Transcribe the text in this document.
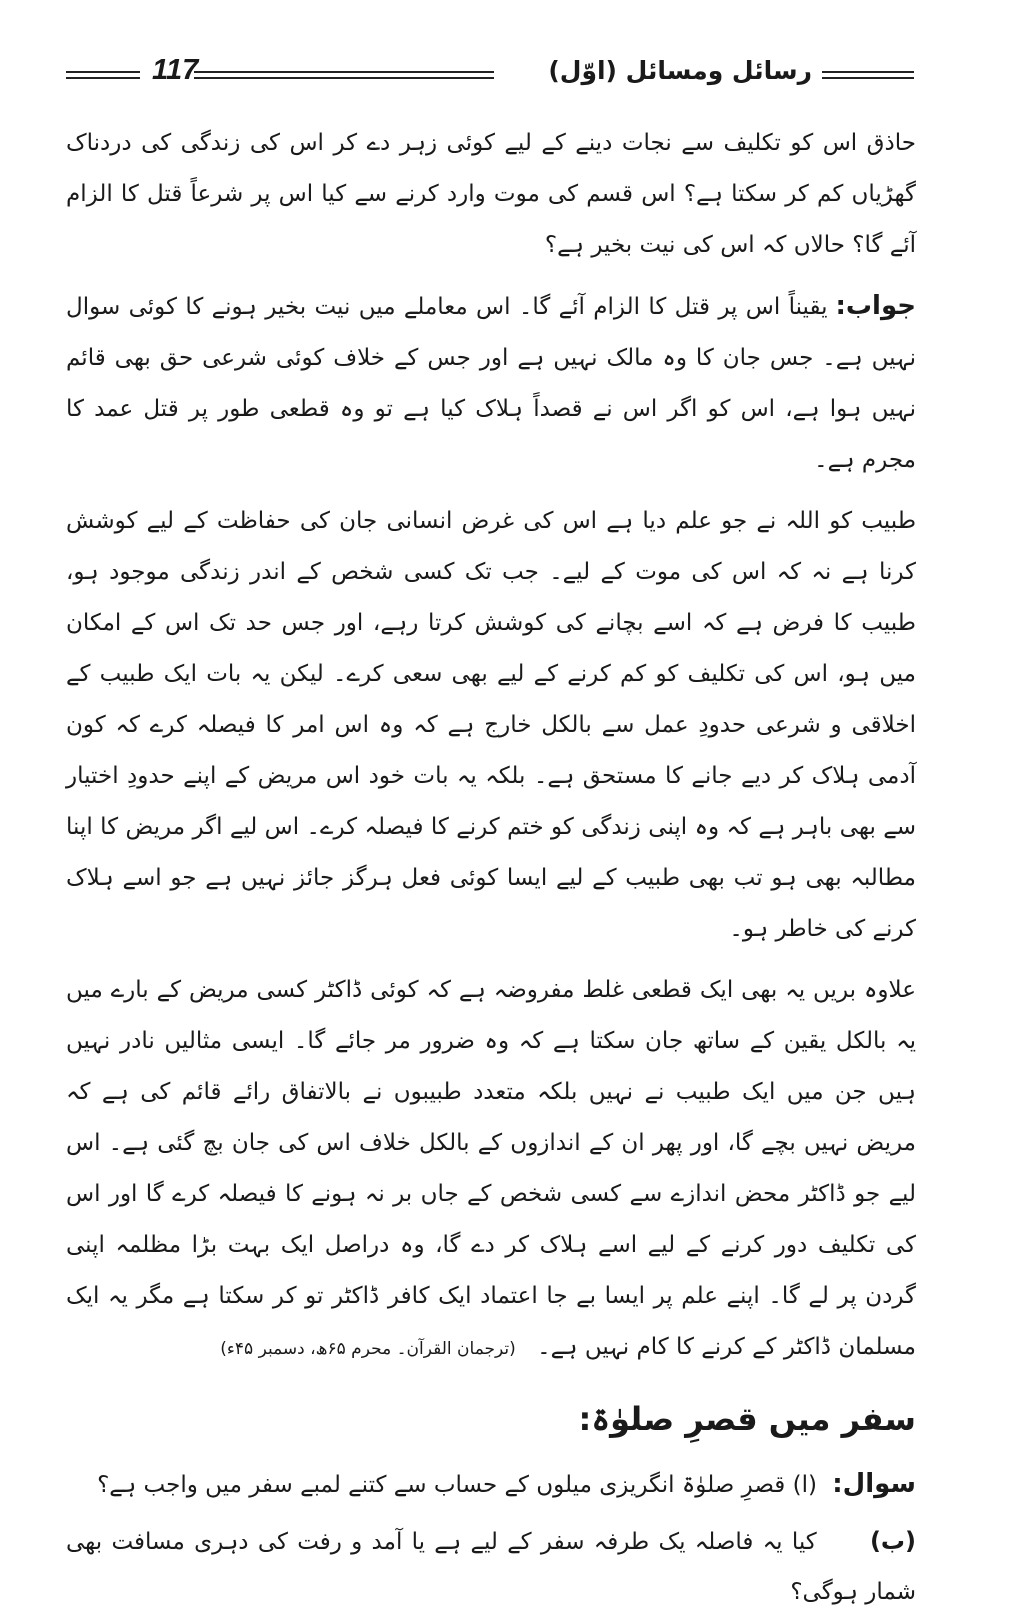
117	رسائل ومسائل (اوّل)

حاذق اس کو تکلیف سے نجات دینے کے لیے کوئی زہر دے کر اس کی زندگی کی دردناک گھڑیاں کم کر سکتا ہے؟ اس قسم کی موت وارد کرنے سے کیا اس پر شرعاً قتل کا الزام آئے گا؟ حالاں کہ اس کی نیت بخیر ہے؟

جواب:یقیناً اس پر قتل کا الزام آئے گا۔ اس معاملے میں نیت بخیر ہونے کا کوئی سوال نہیں ہے۔ جس جان کا وہ مالک نہیں ہے اور جس کے خلاف کوئی شرعی حق بھی قائم نہیں ہوا ہے، اس کو اگر اس نے قصداً ہلاک کیا ہے تو وہ قطعی طور پر قتل عمد کا مجرم ہے۔

طبیب کو اللہ نے جو علم دیا ہے اس کی غرض انسانی جان کی حفاظت کے لیے کوشش کرنا ہے نہ کہ اس کی موت کے لیے۔ جب تک کسی شخص کے اندر زندگی موجود ہو، طبیب کا فرض ہے کہ اسے بچانے کی کوشش کرتا رہے، اور جس حد تک اس کے امکان میں ہو، اس کی تکلیف کو کم کرنے کے لیے بھی سعی کرے۔ لیکن یہ بات ایک طبیب کے اخلاقی و شرعی حدودِ عمل سے بالکل خارج ہے کہ وہ اس امر کا فیصلہ کرے کہ کون آدمی ہلاک کر دیے جانے کا مستحق ہے۔ بلکہ یہ بات خود اس مریض کے اپنے حدودِ اختیار سے بھی باہر ہے کہ وہ اپنی زندگی کو ختم کرنے کا فیصلہ کرے۔ اس لیے اگر مریض کا اپنا مطالبہ بھی ہو تب بھی طبیب کے لیے ایسا کوئی فعل ہرگز جائز نہیں ہے جو اسے ہلاک کرنے کی خاطر ہو۔

علاوہ بریں یہ بھی ایک قطعی غلط مفروضہ ہے کہ کوئی ڈاکٹر کسی مریض کے بارے میں یہ بالکل یقین کے ساتھ جان سکتا ہے کہ وہ ضرور مر جائے گا۔ ایسی مثالیں نادر نہیں ہیں جن میں ایک طبیب نے نہیں بلکہ متعدد طبیبوں نے بالاتفاق رائے قائم کی ہے کہ مریض نہیں بچے گا، اور پھر ان کے اندازوں کے بالکل خلاف اس کی جان بچ گئی ہے۔ اس لیے جو ڈاکٹر محض اندازے سے کسی شخص کے جاں بر نہ ہونے کا فیصلہ کرے گا اور اس کی تکلیف دور کرنے کے لیے اسے ہلاک کر دے گا، وہ دراصل ایک بہت بڑا مظلمہ اپنی گردن پر لے گا۔ اپنے علم پر ایسا بے جا اعتماد ایک کافر ڈاکٹر تو کر سکتا ہے مگر یہ ایک مسلمان ڈاکٹر کے کرنے کا کام نہیں ہے۔ (ترجمان القرآن۔ محرم ۶۵ھ، دسمبر ۴۵ء)

سفر میں قصرِ صلوٰۃ:

سوال: (ا) قصرِ صلوٰۃ انگریزی میلوں کے حساب سے کتنے لمبے سفر میں واجب ہے؟

(ب) کیا یہ فاصلہ یک طرفہ سفر کے لیے ہے یا آمد و رفت کی دہری مسافت بھی شمار ہوگی؟
